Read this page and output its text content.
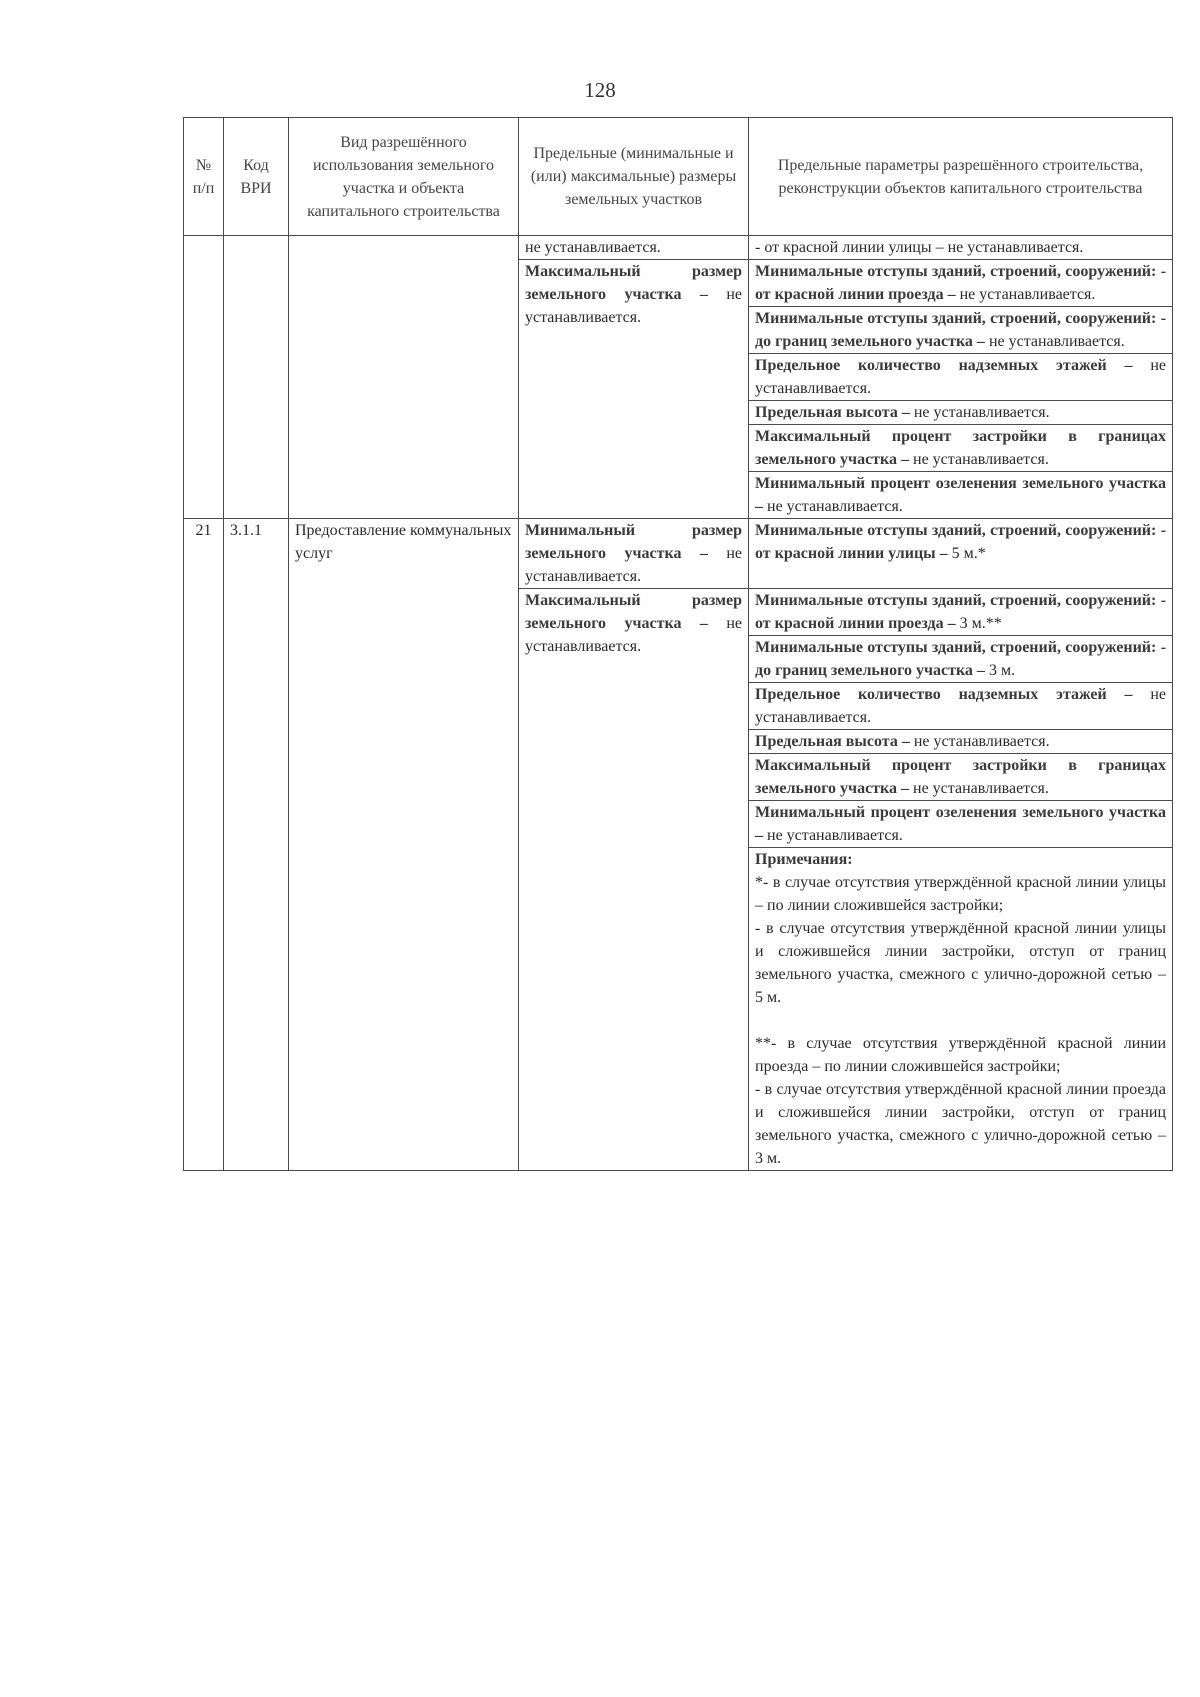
128
№ п/п	Код ВРИ	Вид разрешённого использования земельного участка и объекта капитального строительства	Предельные (минимальные и (или) максимальные) размеры земельных участков	Предельные параметры разрешённого строительства, реконструкции объектов капитального строительства
			не устанавливается.	- от красной линии улицы – не устанавливается.
			Максимальный размер земельного участка – не устанавливается.	Минимальные отступы зданий, строений, сооружений: - от красной линии проезда – не устанавливается.
				Минимальные отступы зданий, строений, сооружений: - до границ земельного участка – не устанавливается.
				Предельное количество надземных этажей – не устанавливается.
				Предельная высота – не устанавливается.
				Максимальный процент застройки в границах земельного участка – не устанавливается.
				Минимальный процент озеленения земельного участка – не устанавливается.
21	3.1.1	Предоставление коммунальных услуг	Минимальный размер земельного участка – не устанавливается.	Минимальные отступы зданий, строений, сооружений: - от красной линии улицы – 5 м.*
			Максимальный размер земельного участка – не устанавливается.	Минимальные отступы зданий, строений, сооружений: - от красной линии проезда – 3 м.**
				Минимальные отступы зданий, строений, сооружений: - до границ земельного участка – 3 м.
				Предельное количество надземных этажей – не устанавливается.
				Предельная высота – не устанавливается.
				Максимальный процент застройки в границах земельного участка – не устанавливается.
				Минимальный процент озеленения земельного участка – не устанавливается.

				Примечания:
*- в случае отсутствия утверждённой красной линии улицы – по линии сложившейся застройки;
- в случае отсутствия утверждённой красной линии улицы и сложившейся линии застройки, отступ от границ земельного участка, смежного с улично-дорожной сетью – 5 м.
**- в случае отсутствия утверждённой красной линии проезда – по линии сложившейся застройки;
- в случае отсутствия утверждённой красной линии проезда и сложившейся линии застройки, отступ от границ земельного участка, смежного с улично-дорожной сетью – 3 м.
